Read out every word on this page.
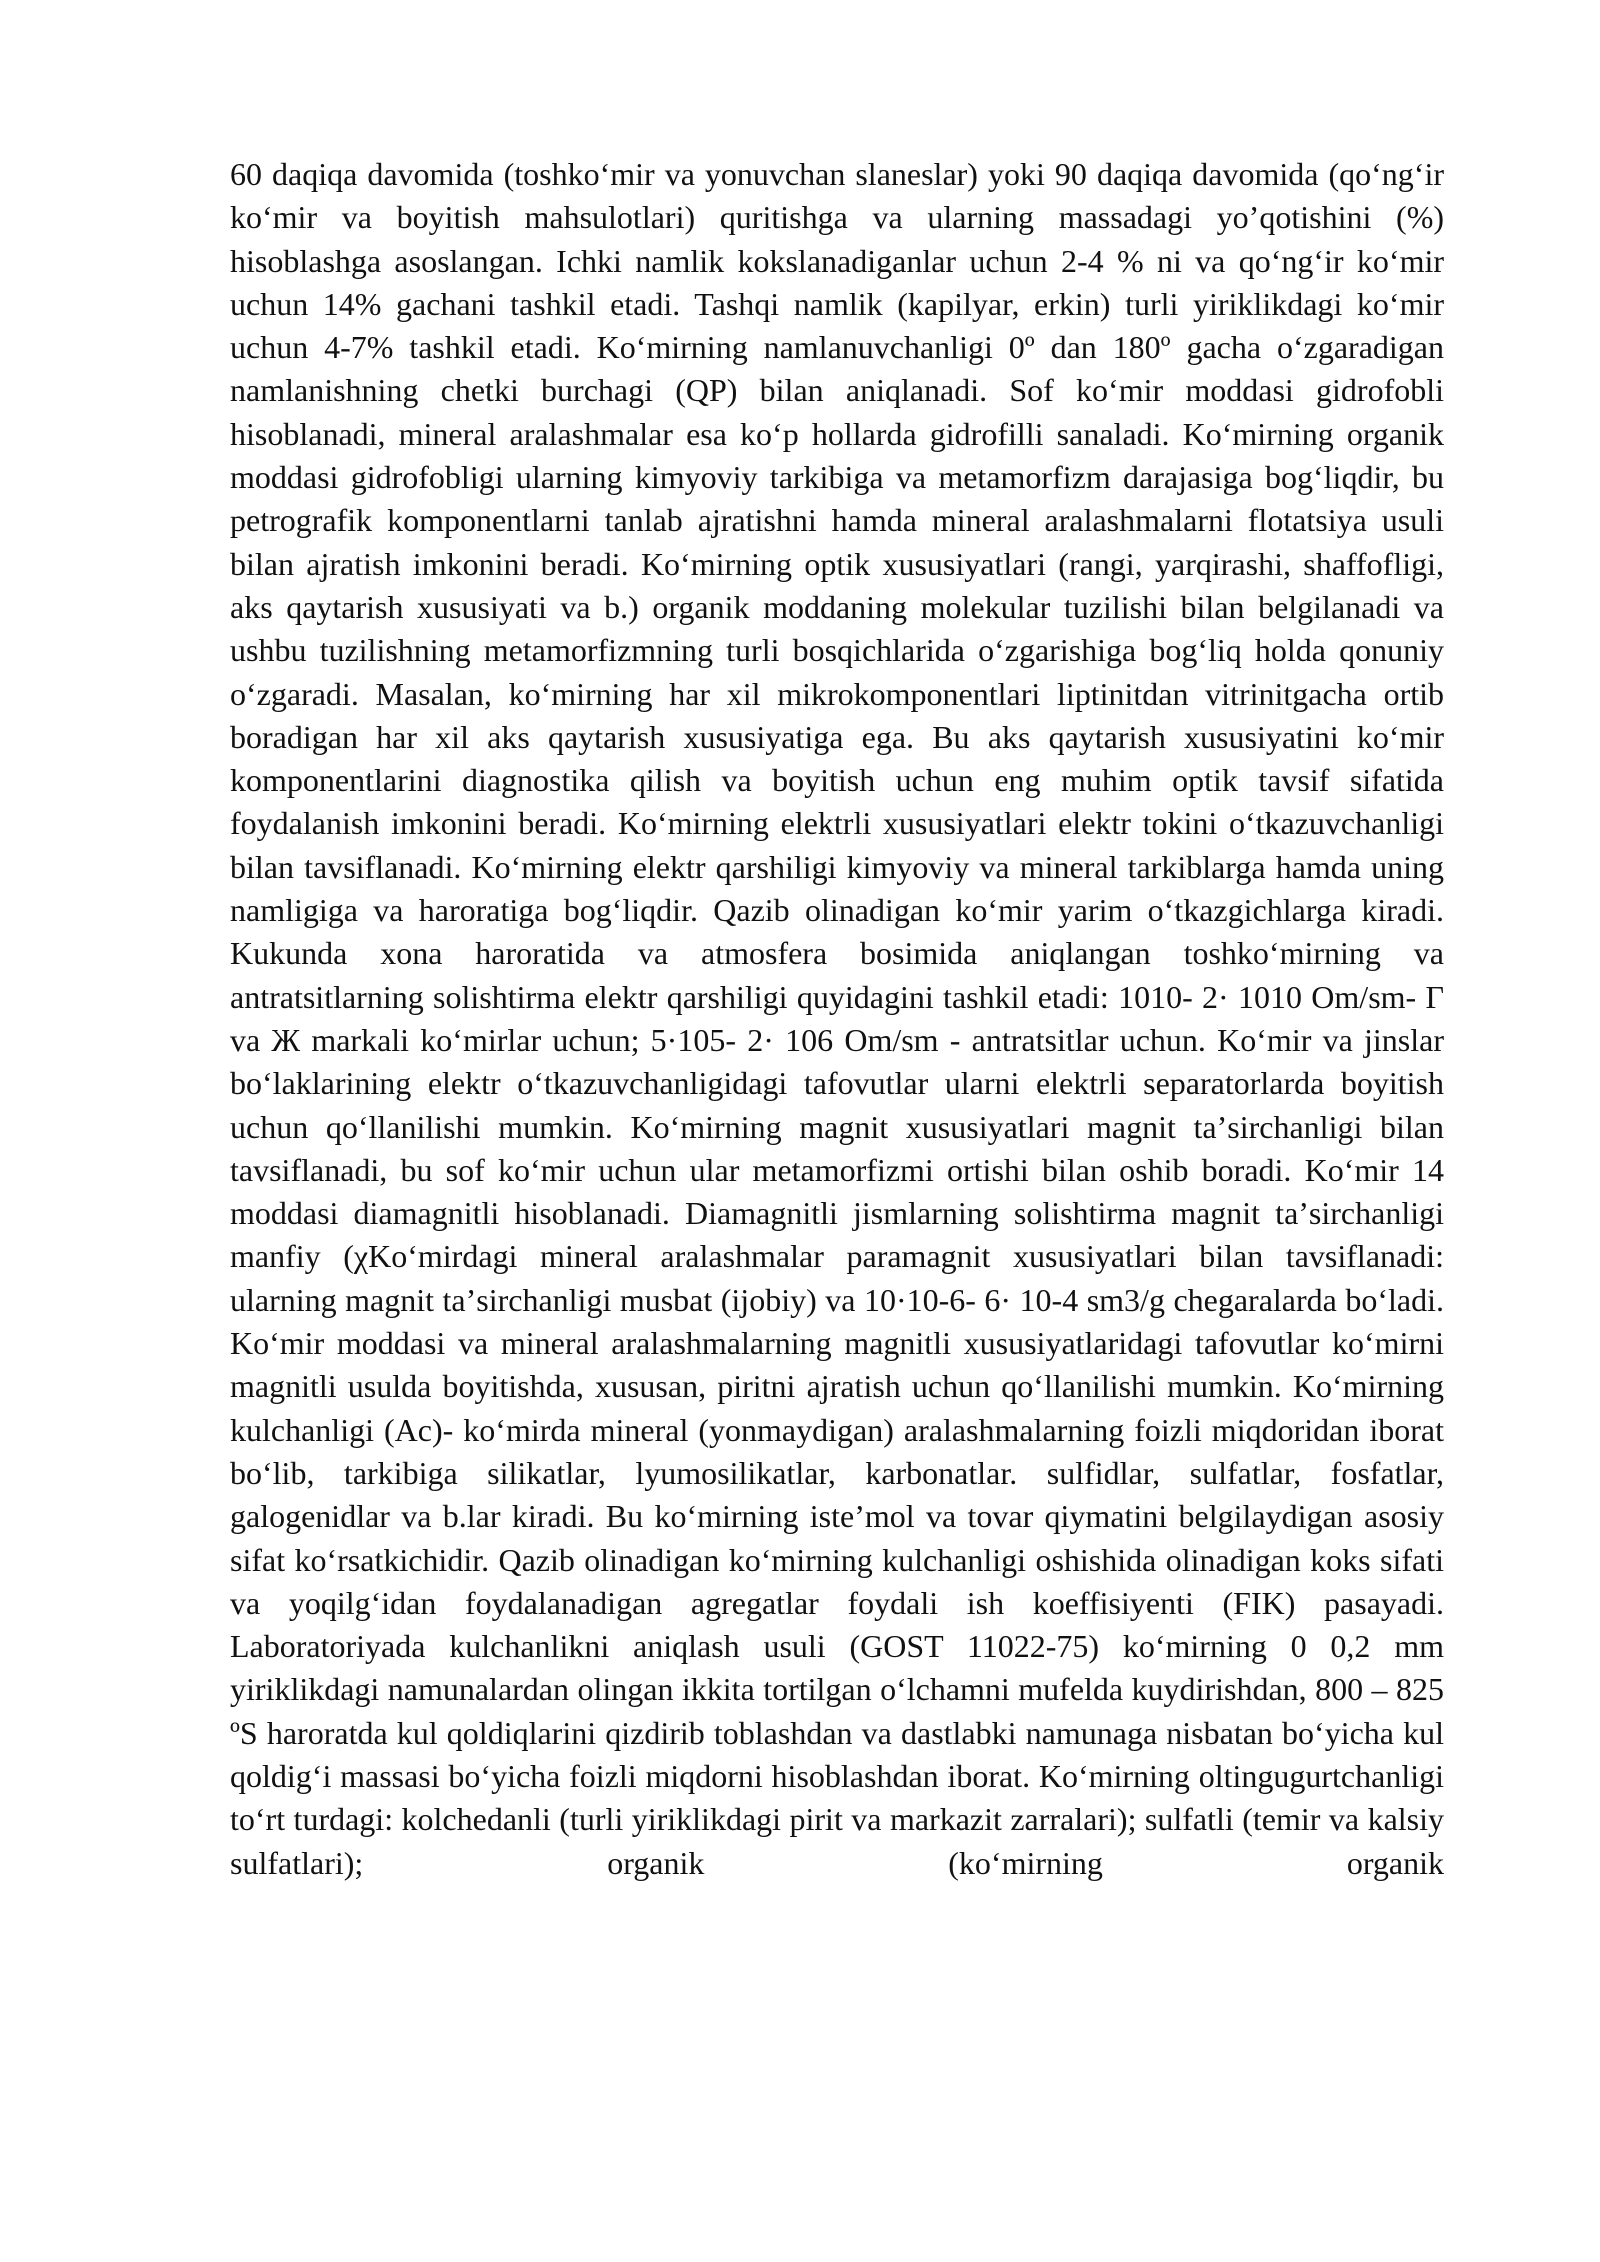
60 daqiqa davomida (toshkoʻmir va yonuvchan slaneslar) yoki 90 daqiqa davomida (qoʻngʻir koʻmir va boyitish mahsulotlari) quritishga va ularning massadagi yoʼqotishini (%) hisoblashga asoslangan. Ichki namlik kokslanadiganlar uchun 2-4 % ni va qoʻngʻir koʻmir uchun 14% gachani tashkil etadi. Tashqi namlik (kapilyar, erkin) turli yiriklikdagi koʻmir uchun 4-7% tashkil etadi. Koʻmirning namlanuvchanligi 0º dan 180º gacha oʻzgaradigan namlanishning chetki burchagi (QP) bilan aniqlanadi. Sof koʻmir moddasi gidrofobli hisoblanadi, mineral aralashmalar esa koʻp hollarda gidrofilli sanaladi. Koʻmirning organik moddasi gidrofobligi ularning kimyoviy tarkibiga va metamorfizm darajasiga bogʻliqdir, bu petrografik komponentlarni tanlab ajratishni hamda mineral aralashmalarni flotatsiya usuli bilan ajratish imkonini beradi. Koʻmirning optik xususiyatlari (rangi, yarqirashi, shaffofligi, aks qaytarish xususiyati va b.) organik moddaning molekular tuzilishi bilan belgilanadi va ushbu tuzilishning metamorfizmning turli bosqichlarida oʻzgarishiga bogʻliq holda qonuniy oʻzgaradi. Masalan, koʻmirning har xil mikrokomponentlari liptinitdan vitrinitgacha ortib boradigan har xil aks qaytarish xususiyatiga ega. Bu aks qaytarish xususiyatini koʻmir komponentlarini diagnostika qilish va boyitish uchun eng muhim optik tavsif sifatida foydalanish imkonini beradi. Koʻmirning elektrli xususiyatlari elektr tokini oʻtkazuvchanligi bilan tavsiflanadi. Koʻmirning elektr qarshiligi kimyoviy va mineral tarkiblarga hamda uning namligiga va haroratiga bogʻliqdir. Qazib olinadigan koʻmir yarim oʻtkazgichlarga kiradi. Kukunda xona haroratida va atmosfera bosimida aniqlangan toshkoʻmirning va antratsitlarning solishtirma elektr qarshiligi quyidagini tashkil etadi: 1010- 2· 1010 Om/sm- Г va Ж markali koʻmirlar uchun; 5·105- 2· 106 Om/sm - antratsitlar uchun. Koʻmir va jinslar boʻlaklarining elektr oʻtkazuvchanligidagi tafovutlar ularni elektrli separatorlarda boyitish uchun qoʻllanilishi mumkin. Koʻmirning magnit xususiyatlari magnit taʼsirchanligi bilan tavsiflanadi, bu sof koʻmir uchun ular metamorfizmi ortishi bilan oshib boradi. Koʻmir 14 moddasi diamagnitli hisoblanadi. Diamagnitli jismlarning solishtirma magnit taʼsirchanligi manfiy (χKoʻmirdagi mineral aralashmalar paramagnit xususiyatlari bilan tavsiflanadi: ularning magnit taʼsirchanligi musbat (ijobiy) va 10·10-6- 6· 10-4 sm3/g chegaralarda boʻladi. Koʻmir moddasi va mineral aralashmalarning magnitli xususiyatlaridagi tafovutlar koʻmirni magnitli usulda boyitishda, xususan, piritni ajratish uchun qoʻllanilishi mumkin. Koʻmirning kulchanligi (Ac)- koʻmirda mineral (yonmaydigan) aralashmalarning foizli miqdoridan iborat boʻlib, tarkibiga silikatlar, lyumosilikatlar, karbonatlar. sulfidlar, sulfatlar, fosfatlar, galogenidlar va b.lar kiradi. Bu koʻmirning isteʼmol va tovar qiymatini belgilaydigan asosiy sifat koʻrsatkichidir. Qazib olinadigan koʻmirning kulchanligi oshishida olinadigan koks sifati va yoqilgʻidan foydalanadigan agregatlar foydali ish koeffisiyenti (FIK) pasayadi. Laboratoriyada kulchanlikni aniqlash usuli (GOST 11022-75) koʻmirning 0 0,2 mm yiriklikdagi namunalardan olingan ikkita tortilgan oʻlchamni mufelda kuydirishdan, 800 – 825 ºS haroratda kul qoldiqlarini qizdirib toblashdan va dastlabki namunaga nisbatan boʻyicha kul qoldigʻi massasi boʻyicha foizli miqdorni hisoblashdan iborat. Koʻmirning oltingugurtchanligi toʻrt turdagi: kolchedanli (turli yiriklikdagi pirit va markazit zarralari); sulfatli (temir va kalsiy sulfatlari); organik (koʻmirning organik
